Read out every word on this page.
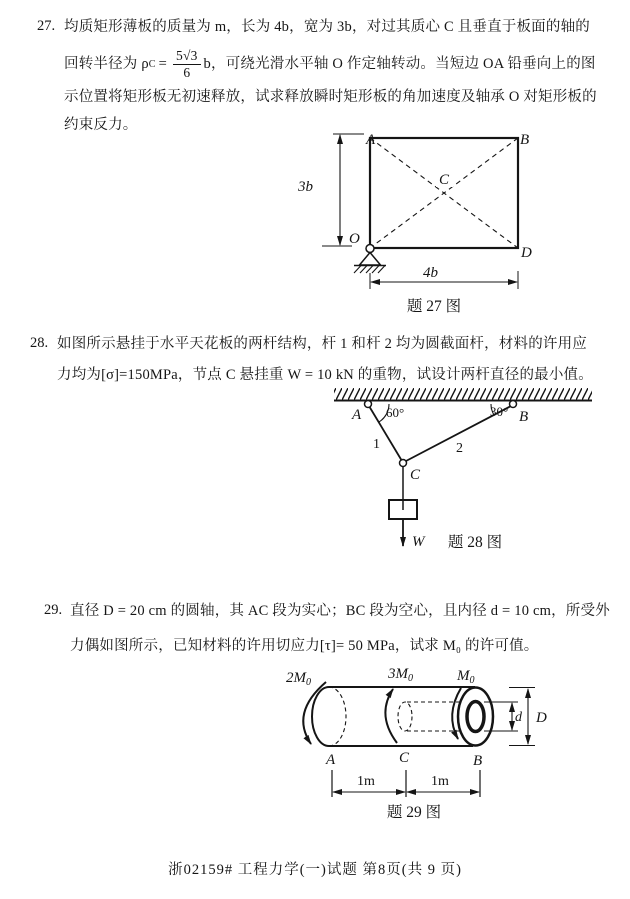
27. 均质矩形薄板的质量为 m，长为 4b，宽为 3b，对过其质心 C 且垂直于板面的轴的
回转半径为 ρ $C = \frac{5√3}{6}$ b，可绕光滑水平轴 O 作定轴转动。当短边 OA 铅垂向上的图
示位置将矩形板无初速释放，试求释放瞬时矩形板的角加速度及轴承 O 对矩形板的
约束反力。
A	B
C
O
D
3b
4b
题 27 图
28. 如图所示悬挂于水平天花板的两杆结构，杆 1 和杆 2 均为圆截面杆，材料的许用应
力均为[σ]=150MPa，节点 C 悬挂重 W = 10 kN 的重物，试设计两杆直径的最小值。
A	B
C
60°	30°
1	2
W 题 28 图
29. 直径 D = 20 cm 的圆轴，其 AC 段为实心；BC 段为空心，且内径 d = 10 cm，所受外
力偶如图所示，已知材料的许用切应力[τ]= 50 MPa，试求 M₀ 的许可值。
$2M_0$
$3M_0$	$M_0$
d D
A	C	B
1m	1m
题 29 图
浙02159# 工程力学(一)试题 第8页(共 9 页)
